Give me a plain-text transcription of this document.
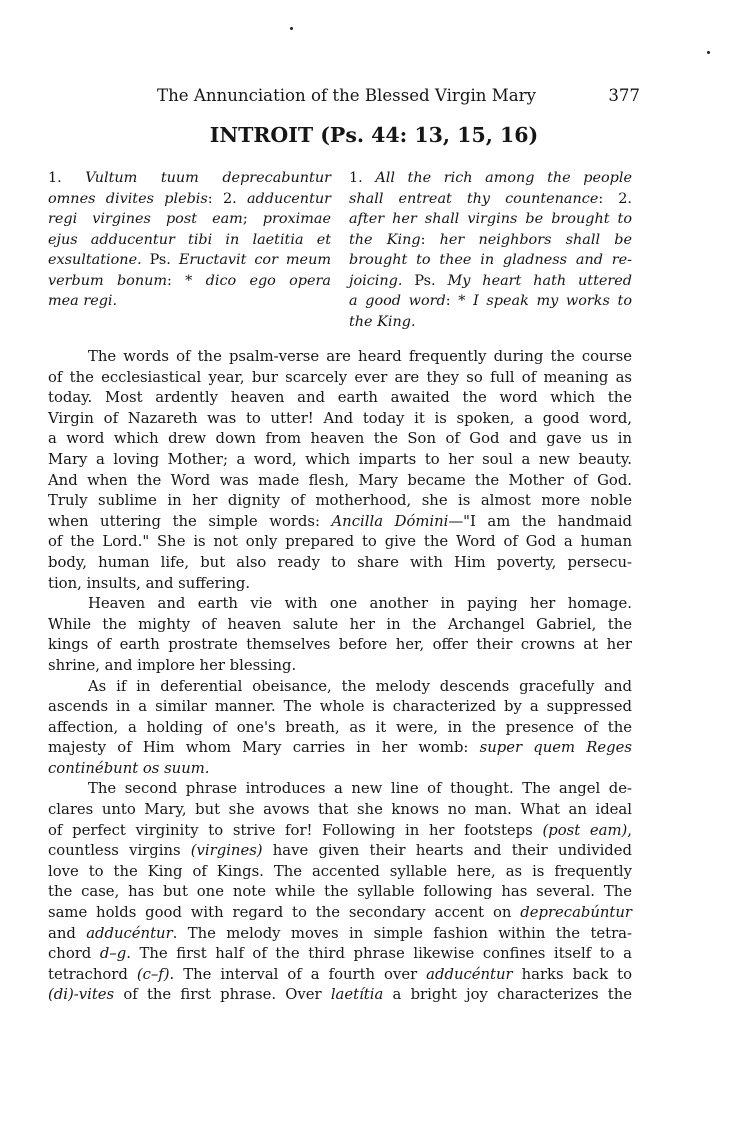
The Annunciation of the Blessed Virgin Mary	377
INTROIT (Ps. 44: 13, 15, 16)
1. Vultum tuum deprecabuntur
omnes divites plebis: 2. adducentur
regi virgines post eam; proximae
ejus adducentur tibi in laetitia et
exsultatione. Ps. Eructavit cor meum
verbum bonum: * dico ego opera
mea regi.
1. All the rich among the people
shall entreat thy countenance: 2.
after her shall virgins be brought to
the King: her neighbors shall be
brought to thee in gladness and re-
joicing. Ps. My heart hath uttered
a good word: * I speak my works to
the King.
The words of the psalm-verse are heard frequently during the course
of the ecclesiastical year, bur scarcely ever are they so full of meaning as
today. Most ardently heaven and earth awaited the word which the
Virgin of Nazareth was to utter! And today it is spoken, a good word,
a word which drew down from heaven the Son of God and gave us in
Mary a loving Mother; a word, which imparts to her soul a new beauty.
And when the Word was made flesh, Mary became the Mother of God.
Truly sublime in her dignity of motherhood, she is almost more noble
when uttering the simple words: Ancilla Dómini—"I am the handmaid
of the Lord." She is not only prepared to give the Word of God a human
body, human life, but also ready to share with Him poverty, persecu-
tion, insults, and suffering.
Heaven and earth vie with one another in paying her homage.
While the mighty of heaven salute her in the Archangel Gabriel, the
kings of earth prostrate themselves before her, offer their crowns at her
shrine, and implore her blessing.
As if in deferential obeisance, the melody descends gracefully and
ascends in a similar manner. The whole is characterized by a suppressed
affection, a holding of one's breath, as it were, in the presence of the
majesty of Him whom Mary carries in her womb: super quem Reges
continébunt os suum.
The second phrase introduces a new line of thought. The angel de-
clares unto Mary, but she avows that she knows no man. What an ideal
of perfect virginity to strive for! Following in her footsteps (post eam),
countless virgins (virgines) have given their hearts and their undivided
love to the King of Kings. The accented syllable here, as is frequently
the case, has but one note while the syllable following has several. The
same holds good with regard to the secondary accent on deprecabúntur
and adducéntur. The melody moves in simple fashion within the tetra-
chord d–g. The first half of the third phrase likewise confines itself to a
tetrachord (c–f). The interval of a fourth over adducéntur harks back to
(di)-vites of the first phrase. Over laetítia a bright joy characterizes the
